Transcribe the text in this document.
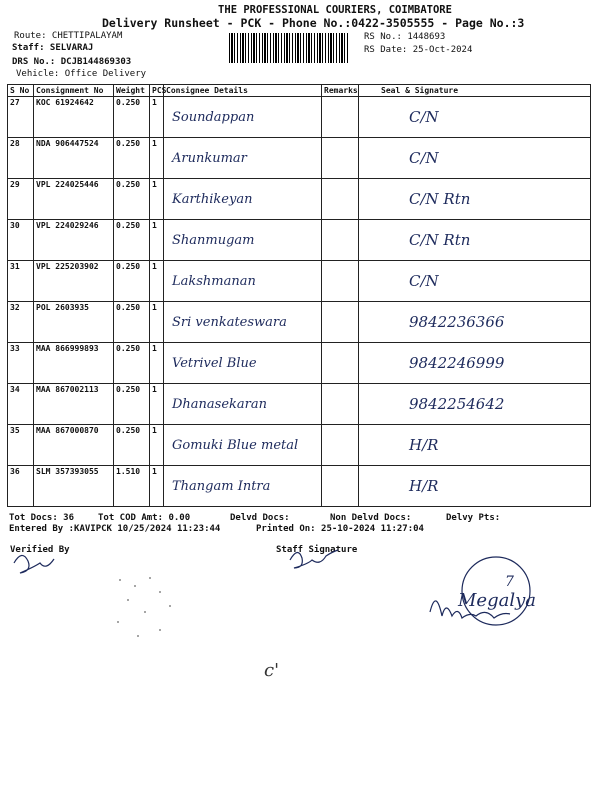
THE PROFESSIONAL COURIERS, COIMBATORE
Delivery Runsheet - PCK - Phone No.:0422-3505555 - Page No.:3
Route: CHETTIPALAYAM
Staff: SELVARAJ
DRS No.: DCJB144869303
Vehicle: Office Delivery
RS No.: 1448693
RS Date: 25-Oct-2024
S No	Consignment No	Weight	PCS	Consignee Details	Remarks	Seal & Signature
27	KOC 61924642	0.250	1	Soundappan		C/N

28	NDA 906447524	0.250	1	Arunkumar		C/N

29	VPL 224025446	0.250	1	Karthikeyan		C/N Rtn

30	VPL 224029246	0.250	1	Shanmugam		C/N Rtn

31	VPL 225203902	0.250	1	Lakshmanan		C/N

32	POL 2603935	0.250	1	Sri venkateswara		9842236366

33	MAA 866999893	0.250	1	Vetrivel Blue		9842246999

34	MAA 867002113	0.250	1	Dhanasekaran		9842254642

35	MAA 867000870	0.250	1	Gomuki Blue metal		H/R

36	SLM 357393055	1.510	1	Thangam Intra		H/R
Tot Docs: 36	Tot COD Amt: 0.00	Delvd Docs:	Non Delvd Docs:	Delvy Pts:
Entered By :KAVIPCK 10/25/2024 11:23:44	Printed On: 25-10-2024 11:27:04
Verified By	Staff Signature
7
Megalya
c'
